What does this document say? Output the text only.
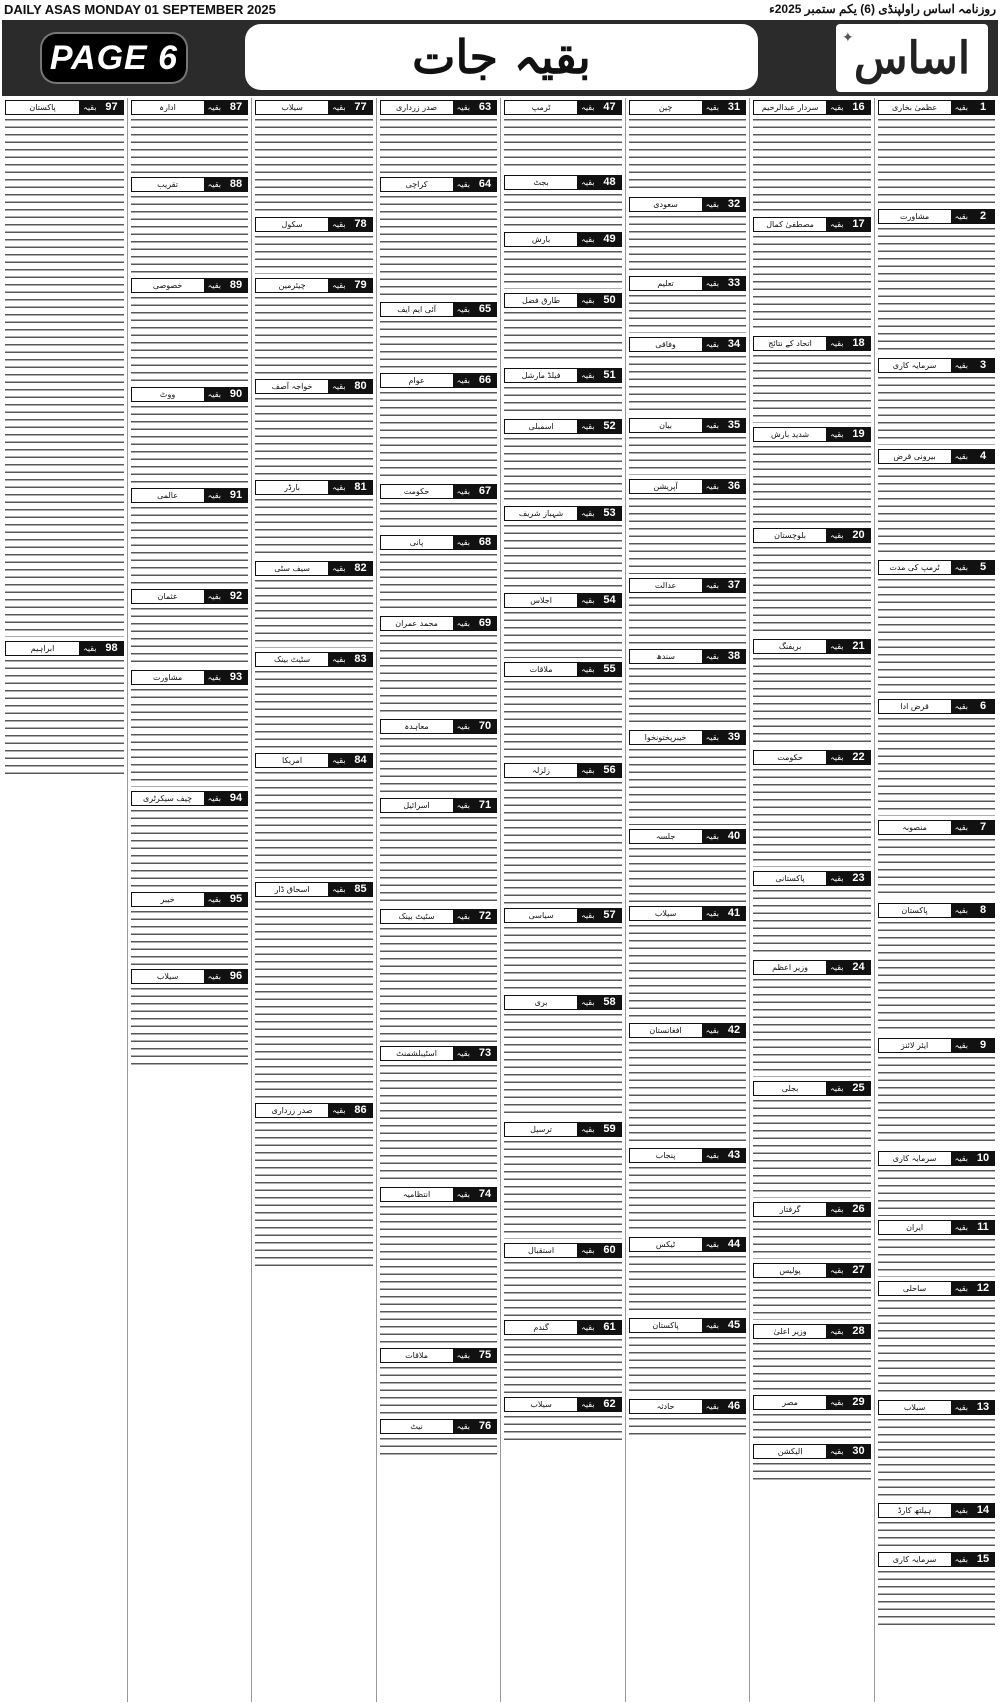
DAILY ASAS MONDAY 01 SEPTEMBER 2025	روزنامہ اساس راولپنڈی (6) یکم ستمبر 2025ء
PAGE 6	بقیہ جات	✦ اساس
1
بقیہ
عظمیٰ بخاری
2
بقیہ
مشاورت
3
بقیہ
سرمایہ کاری
4
بقیہ
بیرونی قرض
5
بقیہ
ٹرمپ کی مدت
6
بقیہ
قرض ادا
7
بقیہ
منصوبہ
8
بقیہ
پاکستان
9
بقیہ
ایئر لائنز
10
بقیہ
سرمایہ کاری
11
بقیہ
ایران
12
بقیہ
ساحلی
13
بقیہ
سیلاب
14
بقیہ
ہیلتھ کارڈ
15
بقیہ
سرمایہ کاری
16
بقیہ
سردار عبدالرحیم
17
بقیہ
مصطفیٰ کمال
18
بقیہ
اتحاد کے نتائج
19
بقیہ
شدید بارش
20
بقیہ
بلوچستان
21
بقیہ
بریفنگ
22
بقیہ
حکومت
23
بقیہ
پاکستانی
24
بقیہ
وزیر اعظم
25
بقیہ
بجلی
26
بقیہ
گرفتار
27
بقیہ
پولیس
28
بقیہ
وزیر اعلیٰ
29
بقیہ
مصر
30
بقیہ
الیکشن
31
بقیہ
چین
32
بقیہ
سعودی
33
بقیہ
تعلیم
34
بقیہ
وفاقی
35
بقیہ
بیان
36
بقیہ
آپریشن
37
بقیہ
عدالت
38
بقیہ
سندھ
39
بقیہ
خیبرپختونخوا
40
بقیہ
جلسہ
41
بقیہ
سیلاب
42
بقیہ
افغانستان
43
بقیہ
پنجاب
44
بقیہ
ٹیکس
45
بقیہ
پاکستان
46
بقیہ
حادثہ
47
بقیہ
ٹرمپ
48
بقیہ
بجٹ
49
بقیہ
بارش
50
بقیہ
طارق فضل
51
بقیہ
فیلڈ مارشل
52
بقیہ
اسمبلی
53
بقیہ
شہباز شریف
54
بقیہ
اجلاس
55
بقیہ
ملاقات
56
بقیہ
زلزلہ
57
بقیہ
سیاسی
58
بقیہ
بری
59
بقیہ
ترسیل
60
بقیہ
استقبال
61
بقیہ
گندم
62
بقیہ
سیلاب
63
بقیہ
صدر زرداری
64
بقیہ
کراچی
65
بقیہ
آئی ایم ایف
66
بقیہ
عوام
67
بقیہ
حکومت
68
بقیہ
پانی
69
بقیہ
محمد عمران
70
بقیہ
معاہدہ
71
بقیہ
اسرائیل
72
بقیہ
سٹیٹ بینک
73
بقیہ
اسٹیبلشمنٹ
74
بقیہ
انتظامیہ
75
بقیہ
ملاقات
76
بقیہ
نیٹ
77
بقیہ
سیلاب
78
بقیہ
سکول
79
بقیہ
چیئرمین
80
بقیہ
خواجہ آصف
81
بقیہ
بارڈر
82
بقیہ
سیف سٹی
83
بقیہ
سٹیٹ بینک
84
بقیہ
امریکا
85
بقیہ
اسحاق ڈار
86
بقیہ
صدر زرداری
87
بقیہ
ادارہ
88
بقیہ
تقریب
89
بقیہ
خصوصی
90
بقیہ
ووٹ
91
بقیہ
عالمی
92
بقیہ
عثمان
93
بقیہ
مشاورت
94
بقیہ
چیف سیکرٹری
95
بقیہ
خیبر
96
بقیہ
سیلاب
97
بقیہ
پاکستان
98
بقیہ
ابراہیم
